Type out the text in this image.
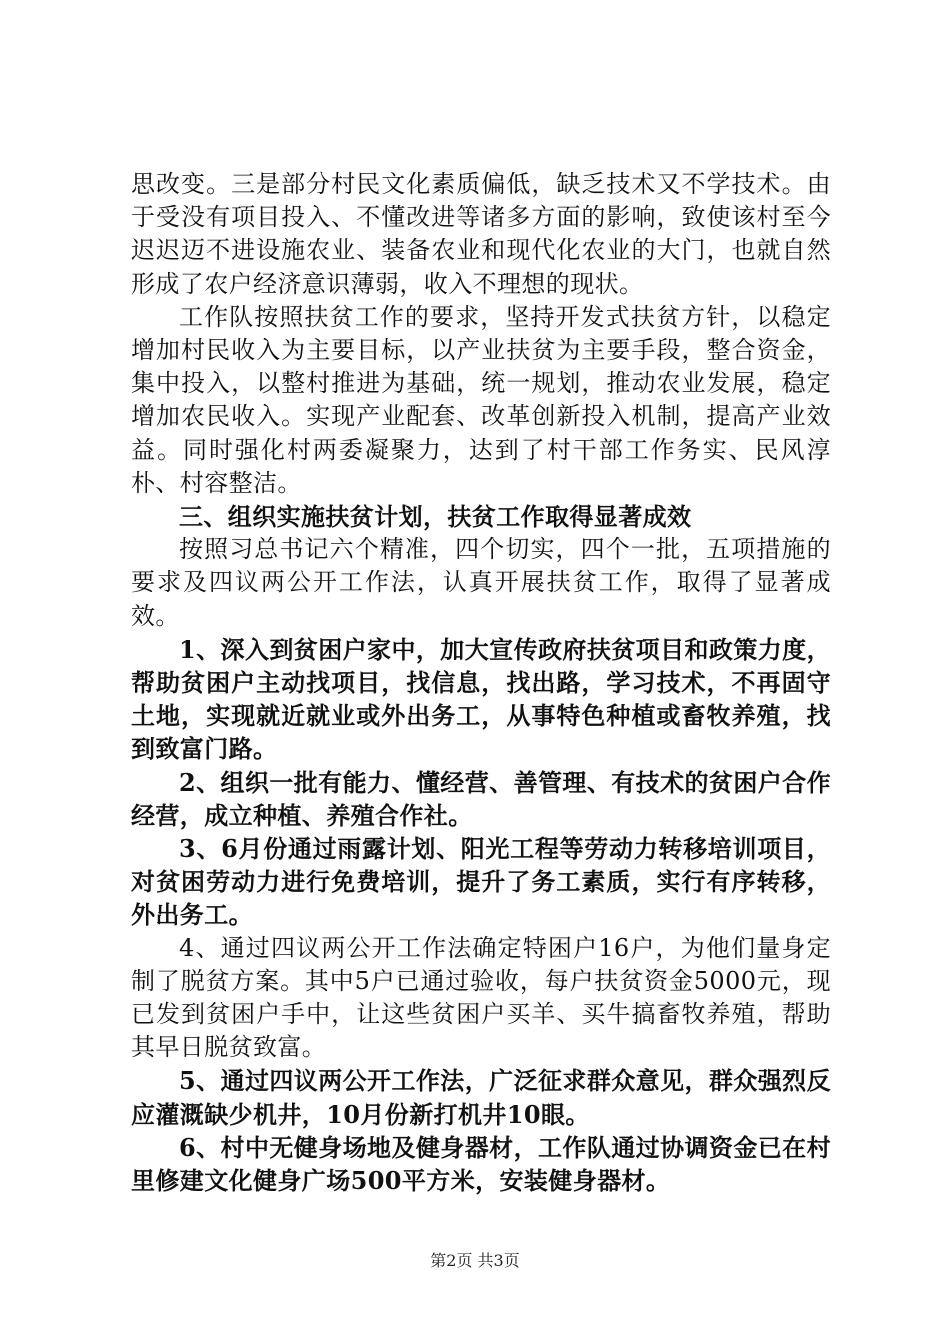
思改变。三是部分村民文化素质偏低，缺乏技术又不学技术。由于受没有项目投入、不懂改进等诸多方面的影响，致使该村至今迟迟迈不进设施农业、装备农业和现代化农业的大门，也就自然形成了农户经济意识薄弱，收入不理想的现状。

工作队按照扶贫工作的要求，坚持开发式扶贫方针，以稳定增加村民收入为主要目标，以产业扶贫为主要手段，整合资金，集中投入，以整村推进为基础，统一规划，推动农业发展，稳定增加农民收入。实现产业配套、改革创新投入机制，提高产业效益。同时强化村两委凝聚力，达到了村干部工作务实、民风淳朴、村容整洁。

三、组织实施扶贫计划，扶贫工作取得显著成效

按照习总书记六个精准，四个切实，四个一批，五项措施的要求及四议两公开工作法，认真开展扶贫工作，取得了显著成效。

1、深入到贫困户家中，加大宣传政府扶贫项目和政策力度，帮助贫困户主动找项目，找信息，找出路，学习技术，不再固守土地，实现就近就业或外出务工，从事特色种植或畜牧养殖，找到致富门路。

2、组织一批有能力、懂经营、善管理、有技术的贫困户合作经营，成立种植、养殖合作社。

3、6月份通过雨露计划、阳光工程等劳动力转移培训项目，对贫困劳动力进行免费培训，提升了务工素质，实行有序转移，外出务工。

4、通过四议两公开工作法确定特困户16户，为他们量身定制了脱贫方案。其中5户已通过验收，每户扶贫资金5000元，现已发到贫困户手中，让这些贫困户买羊、买牛搞畜牧养殖，帮助其早日脱贫致富。

5、通过四议两公开工作法，广泛征求群众意见，群众强烈反应灌溉缺少机井，10月份新打机井10眼。

6、村中无健身场地及健身器材，工作队通过协调资金已在村里修建文化健身广场500平方米，安装健身器材。

第2页 共3页
